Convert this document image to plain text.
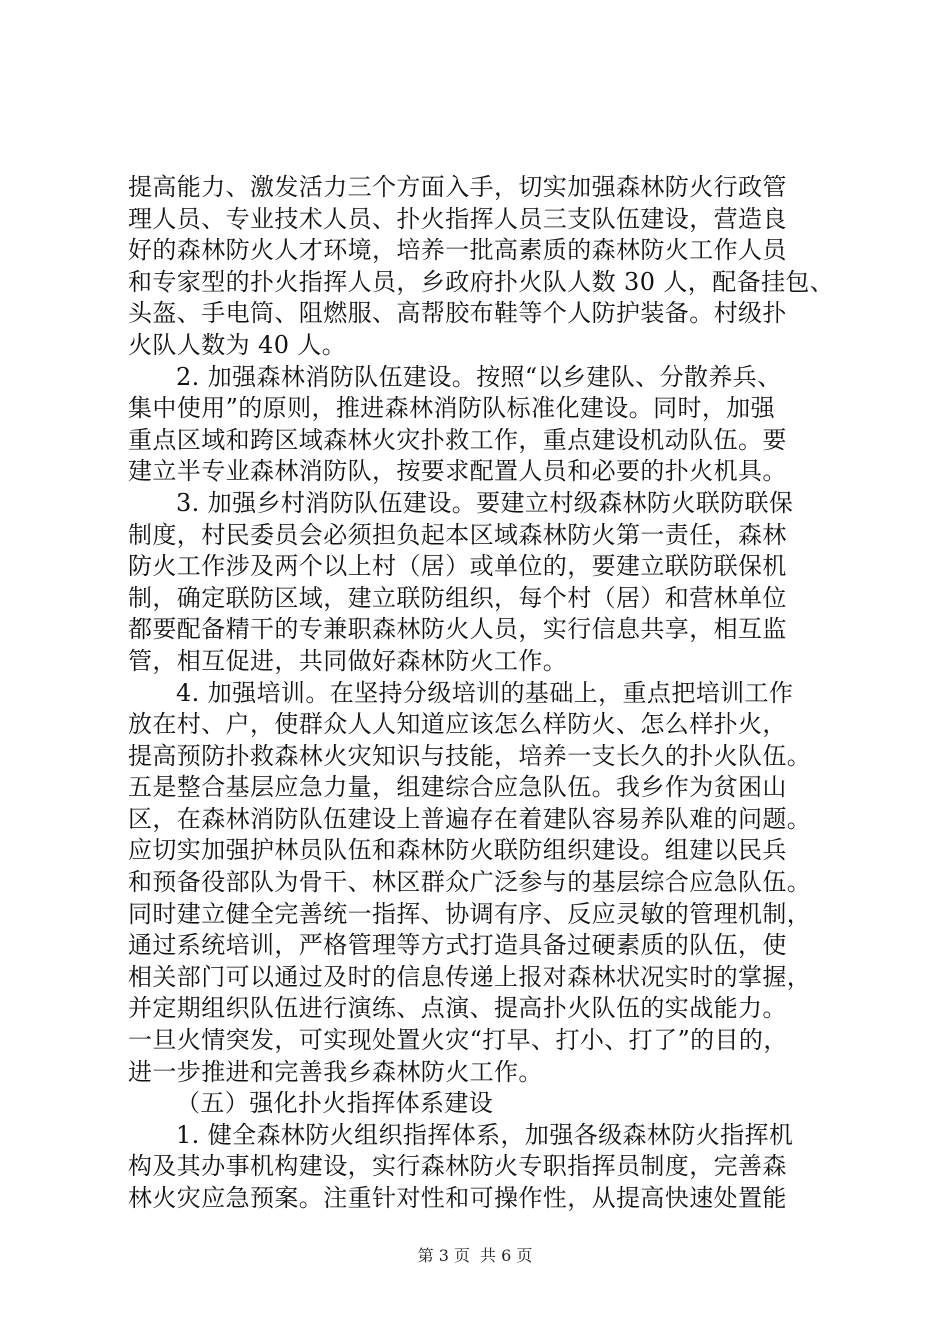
提高能力、激发活力三个方面入手，切实加强森林防火行政管
理人员、专业技术人员、扑火指挥人员三支队伍建设，营造良
好的森林防火人才环境，培养一批高素质的森林防火工作人员
和专家型的扑火指挥人员，乡政府扑火队人数 30 人，配备挂包、
头盔、手电筒、阻燃服、高帮胶布鞋等个人防护装备。村级扑
火队人数为 40 人。
2. 加强森林消防队伍建设。按照“以乡建队、分散养兵、
集中使用”的原则，推进森林消防队标准化建设。同时，加强
重点区域和跨区域森林火灾扑救工作，重点建设机动队伍。要
建立半专业森林消防队，按要求配置人员和必要的扑火机具。
3. 加强乡村消防队伍建设。要建立村级森林防火联防联保
制度，村民委员会必须担负起本区域森林防火第一责任，森林
防火工作涉及两个以上村（居）或单位的，要建立联防联保机
制，确定联防区域，建立联防组织，每个村（居）和营林单位
都要配备精干的专兼职森林防火人员，实行信息共享，相互监
管，相互促进，共同做好森林防火工作。
4. 加强培训。在坚持分级培训的基础上，重点把培训工作
放在村、户，使群众人人知道应该怎么样防火、怎么样扑火，
提高预防扑救森林火灾知识与技能，培养一支长久的扑火队伍。
五是整合基层应急力量，组建综合应急队伍。我乡作为贫困山
区，在森林消防队伍建设上普遍存在着建队容易养队难的问题。
应切实加强护林员队伍和森林防火联防组织建设。组建以民兵
和预备役部队为骨干、林区群众广泛参与的基层综合应急队伍。
同时建立健全完善统一指挥、协调有序、反应灵敏的管理机制，
通过系统培训，严格管理等方式打造具备过硬素质的队伍，使
相关部门可以通过及时的信息传递上报对森林状况实时的掌握，
并定期组织队伍进行演练、点演、提高扑火队伍的实战能力。
一旦火情突发，可实现处置火灾“打早、打小、打了”的目的，
进一步推进和完善我乡森林防火工作。
（五）强化扑火指挥体系建设
1. 健全森林防火组织指挥体系，加强各级森林防火指挥机
构及其办事机构建设，实行森林防火专职指挥员制度，完善森
林火灾应急预案。注重针对性和可操作性，从提高快速处置能
第 3 页 共 6 页
